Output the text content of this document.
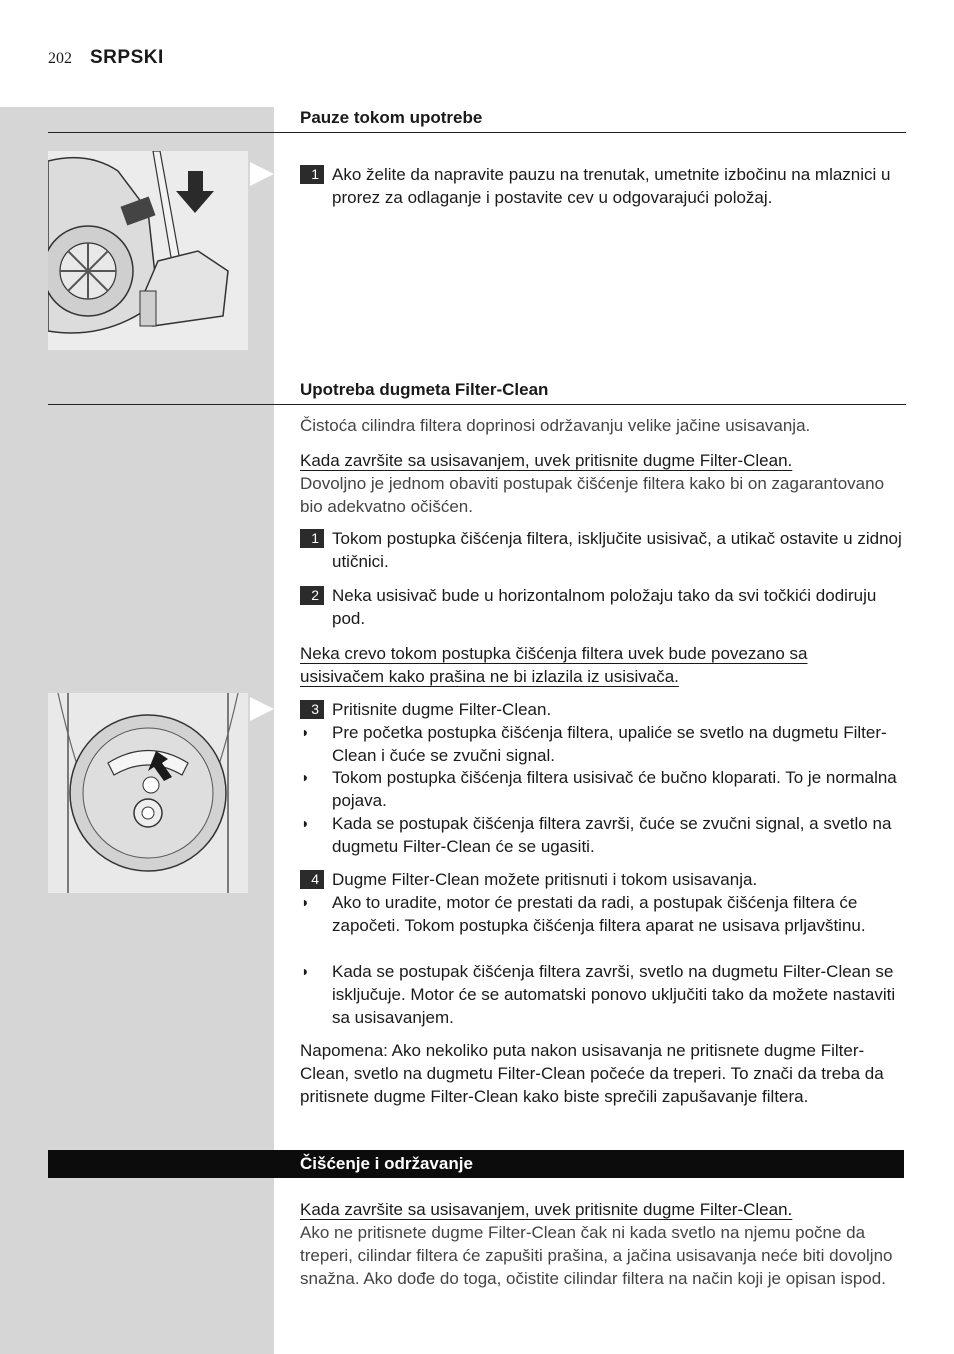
202 SRPSKI
Pauze tokom upotrebe
1 Ako želite da napravite pauzu na trenutak, umetnite izbočinu na mlaznici u prorez za odlaganje i postavite cev u odgovarajući položaj.
Upotreba dugmeta Filter-Clean
Čistoća cilindra filtera doprinosi održavanju velike jačine usisavanja.
Kada završite sa usisavanjem, uvek pritisnite dugme Filter-Clean.
Dovoljno je jednom obaviti postupak čišćenje filtera kako bi on zagarantovano bio adekvatno očišćen.
1 Tokom postupka čišćenja filtera, isključite usisivač, a utikač ostavite u zidnoj utičnici.
2 Neka usisivač bude u horizontalnom položaju tako da svi točkići dodiruju pod.
Neka crevo tokom postupka čišćenja filtera uvek bude povezano sa usisivačem kako prašina ne bi izlazila iz usisivača.
3 Pritisnite dugme Filter-Clean.
◗ Pre početka postupka čišćenja filtera, upaliće se svetlo na dugmetu Filter-Clean i čuće se zvučni signal.
◗ Tokom postupka čišćenja filtera usisivač će bučno kloparati. To je normalna pojava.
◗ Kada se postupak čišćenja filtera završi, čuće se zvučni signal, a svetlo na dugmetu Filter-Clean će se ugasiti.
4 Dugme Filter-Clean možete pritisnuti i tokom usisavanja.
◗ Ako to uradite, motor će prestati da radi, a postupak čišćenja filtera će započeti. Tokom postupka čišćenja filtera aparat ne usisava prljavštinu.
◗ Kada se postupak čišćenja filtera završi, svetlo na dugmetu Filter-Clean se isključuje. Motor će se automatski ponovo uključiti tako da možete nastaviti sa usisavanjem.
Napomena: Ako nekoliko puta nakon usisavanja ne pritisnete dugme Filter-Clean, svetlo na dugmetu Filter-Clean počeće da treperi. To znači da treba da pritisnete dugme Filter-Clean kako biste sprečili zapušavanje filtera.
Čišćenje i održavanje
Kada završite sa usisavanjem, uvek pritisnite dugme Filter-Clean.
Ako ne pritisnete dugme Filter-Clean čak ni kada svetlo na njemu počne da treperi, cilindar filtera će zapušiti prašina, a jačina usisavanja neće biti dovoljno snažna. Ako dođe do toga, očistite cilindar filtera na način koji je opisan ispod.
